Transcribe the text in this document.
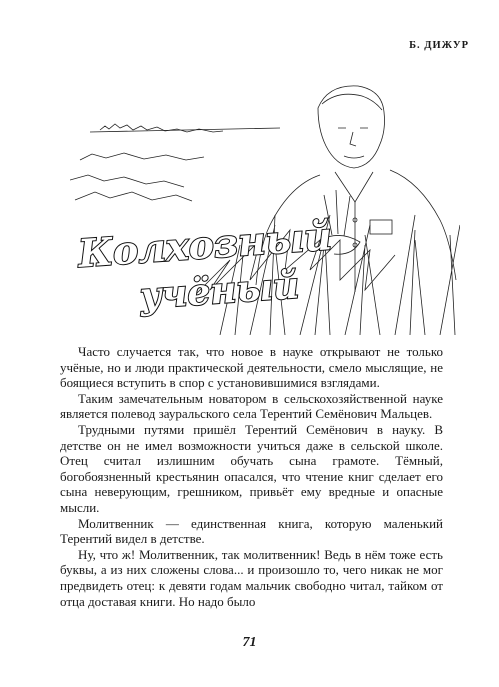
Б. ДИЖУР
Колхозный
учёный

Часто случается так, что новое в науке открывают не только учёные, но и люди практической деятельности, смело мыслящие, не боящиеся вступить в спор с установившимися взглядами.

Таким замечательным новатором в сельскохозяйственной науке является полевод зауральского села Терентий Семёнович Мальцев.

Трудными путями пришёл Терентий Семёнович в науку. В детстве он не имел возможности учиться даже в сельской школе. Отец считал излишним обучать сына грамоте. Тёмный, богобоязненный крестьянин опасался, что чтение книг сделает его сына неверующим, грешником, привьёт ему вредные и опасные мысли.

Молитвенник — единственная книга, которую маленький Терентий видел в детстве.

Ну, что ж! Молитвенник, так молитвенник! Ведь в нём тоже есть буквы, а из них сложены слова... и произошло то, чего никак не мог предвидеть отец: к девяти годам мальчик свободно читал, тайком от отца доставая книги. Но надо было

71
